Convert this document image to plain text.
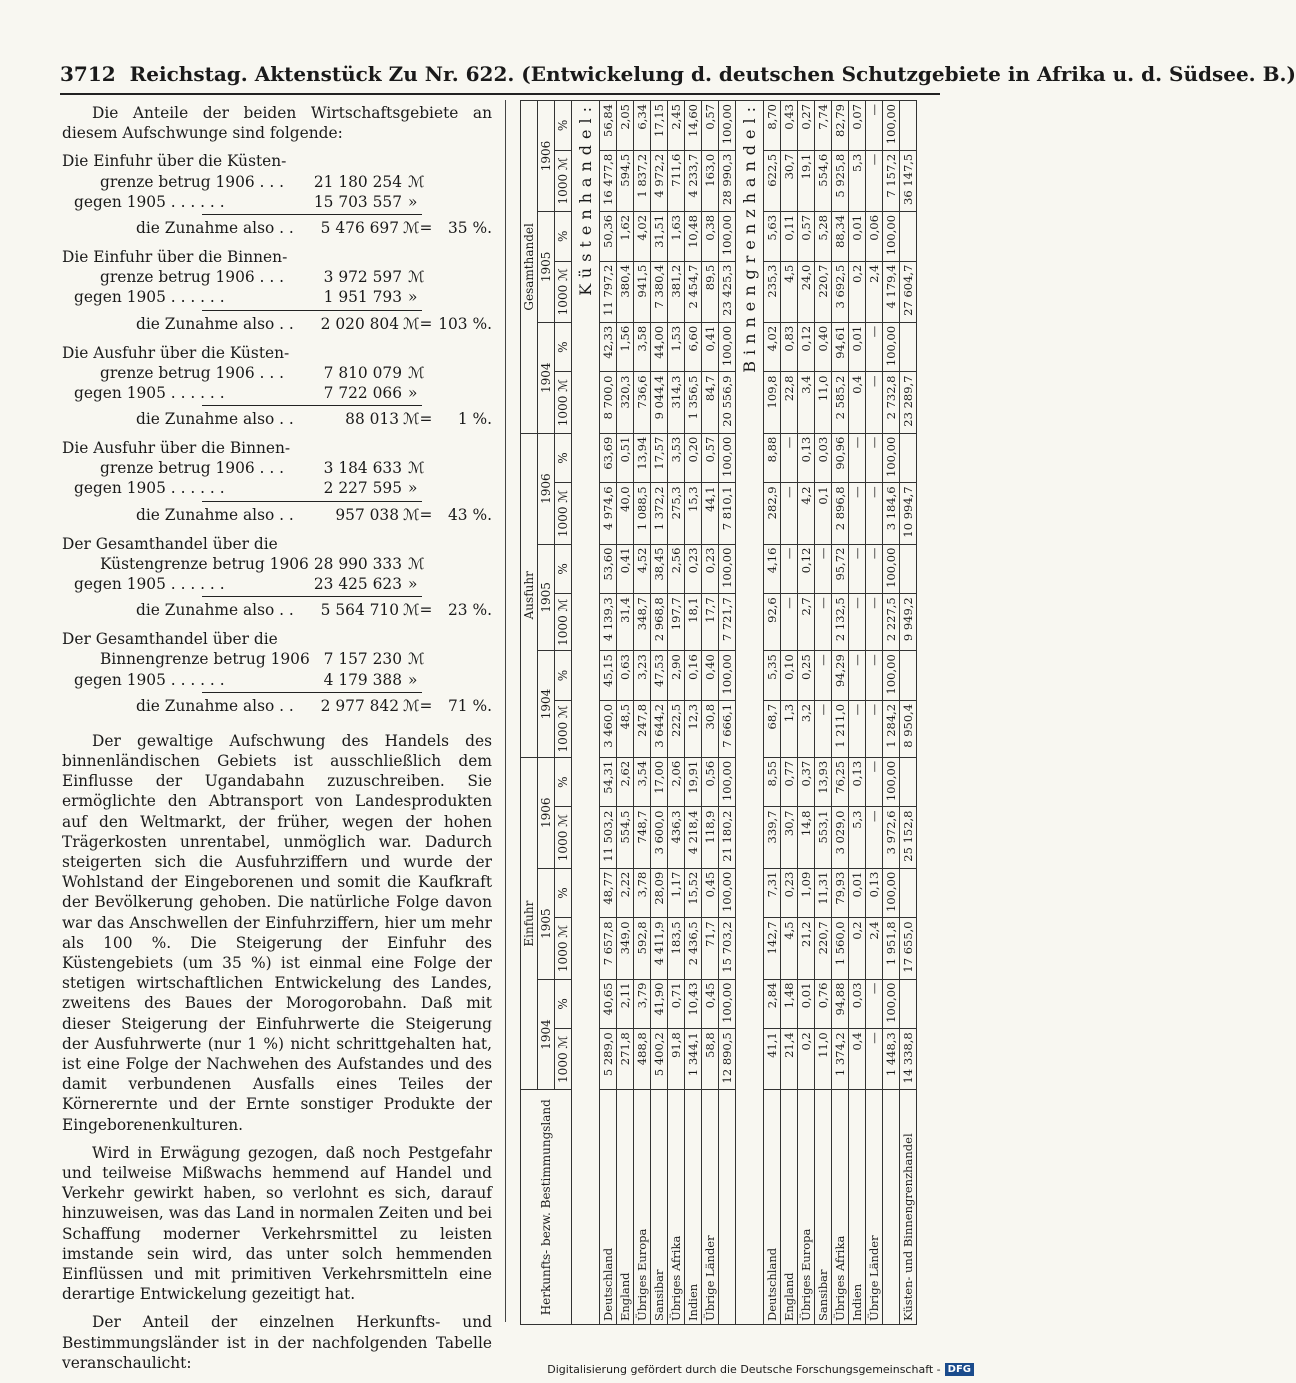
3712 Reichstag. Aktenstück Zu Nr. 622. (Entwickelung d. deutschen Schutzgebiete in Afrika u. d. Südsee. B.)

Die Anteile der beiden Wirtschaftsgebiete an diesem Aufschwunge sind folgende:

Die Einfuhr über die Küsten-
grenze betrug 1906 . . .	21 180 254 ℳ
gegen 1905 . . . . . .	15 703 557 »
die Zunahme also . .	5 476 697 ℳ=	35 %.
Die Einfuhr über die Binnen-
grenze betrug 1906 . . .	3 972 597 ℳ
gegen 1905 . . . . . .	1 951 793 »
die Zunahme also . .	2 020 804 ℳ= 103 %.
Die Ausfuhr über die Küsten-
grenze betrug 1906 . . .	7 810 079 ℳ
gegen 1905 . . . . . .	7 722 066 »
die Zunahme also . .	88 013 ℳ=	1 %.
Die Ausfuhr über die Binnen-
grenze betrug 1906 . . .	3 184 633 ℳ
gegen 1905 . . . . . .	2 227 595 »
die Zunahme also . .	957 038 ℳ=	43 %.
Der Gesamthandel über die
Küstengrenze betrug 1906 28 990 333 ℳ
gegen 1905 . . . . . .	23 425 623 »
die Zunahme also . .	5 564 710 ℳ=	23 %.
Der Gesamthandel über die
Binnengrenze betrug 1906 7 157 230 ℳ
gegen 1905 . . . . . .	4 179 388 »
die Zunahme also . .	2 977 842 ℳ=	71 %.

Der gewaltige Aufschwung des Handels des binnenländischen Gebiets ist ausschließlich dem Einflusse der Ugandabahn zuzuschreiben. Sie ermöglichte den Abtransport von Landesprodukten auf den Weltmarkt, der früher, wegen der hohen Trägerkosten unrentabel, unmöglich war. Dadurch steigerten sich die Ausfuhrziffern und wurde der Wohlstand der Eingeborenen und somit die Kaufkraft der Bevölkerung gehoben. Die natürliche Folge davon war das Anschwellen der Einfuhrziffern, hier um mehr als 100 %. Die Steigerung der Einfuhr des Küstengebiets (um 35 %) ist einmal eine Folge der stetigen wirtschaftlichen Entwickelung des Landes, zweitens des Baues der Morogorobahn. Daß mit dieser Steigerung der Einfuhrwerte die Steigerung der Ausfuhrwerte (nur 1 %) nicht schrittgehalten hat, ist eine Folge der Nachwehen des Aufstandes und des damit verbundenen Ausfalls eines Teiles der Körnerernte und der Ernte sonstiger Produkte der Eingeborenenkulturen.

Wird in Erwägung gezogen, daß noch Pestgefahr und teilweise Mißwachs hemmend auf Handel und Verkehr gewirkt haben, so verlohnt es sich, darauf hinzuweisen, was das Land in normalen Zeiten und bei Schaffung moderner Verkehrsmittel zu leisten imstande sein wird, das unter solch hemmenden Einflüssen und mit primitiven Verkehrsmitteln eine derartige Entwickelung gezeitigt hat.

Der Anteil der einzelnen Herkunfts- und Bestimmungsländer ist in der nachfolgenden Tabelle veranschaulicht:

Herkunfts- bezw. Bestimmungsland	Einfuhr						Ausfuhr						Gesamthandel					
	1904		1905		1906		1904		1905		1906		1904		1905		1906	
	1000 ℳ	%	1000 ℳ	%	1000 ℳ	%	1000 ℳ	%	1000 ℳ	%	1000 ℳ	%	1000 ℳ	%	1000 ℳ	%	1000 ℳ	%
Küstenhandel:																		
Deutschland	5 289,0	40,65	7 657,8	48,77	11 503,2	54,31	3 460,0	45,15	4 139,3	53,60	4 974,6	63,69	8 700,0	42,33	11 797,2	50,36	16 477,8	56,84
England	271,8	2,11	349,0	2,22	554,5	2,62	48,5	0,63	31,4	0,41	40,0	0,51	320,3	1,56	380,4	1,62	594,5	2,05
Übriges Europa	488,8	3,79	592,8	3,78	748,7	3,54	247,8	3,23	348,7	4,52	1 088,5	13,94	736,6	3,58	941,5	4,02	1 837,2	6,34
Sansibar	5 400,2	41,90	4 411,9	28,09	3 600,0	17,00	3 644,2	47,53	2 968,8	38,45	1 372,2	17,57	9 044,4	44,00	7 380,4	31,51	4 972,2	17,15
Übriges Afrika	91,8	0,71	183,5	1,17	436,3	2,06	222,5	2,90	197,7	2,56	275,3	3,53	314,3	1,53	381,2	1,63	711,6	2,45
Indien	1 344,1	10,43	2 436,5	15,52	4 218,4	19,91	12,3	0,16	18,1	0,23	15,3	0,20	1 356,5	6,60	2 454,7	10,48	4 233,7	14,60
Übrige Länder	58,8	0,45	71,7	0,45	118,9	0,56	30,8	0,40	17,7	0,23	44,1	0,57	84,7	0,41	89,5	0,38	163,0	0,57
	12 890,5	100,00	15 703,2	100,00	21 180,2	100,00	7 666,1	100,00	7 721,7	100,00	7 810,1	100,00	20 556,9	100,00	23 425,3	100,00	28 990,3	100,00
Binnengrenzhandel:																		
Deutschland	41,1	2,84	142,7	7,31	339,7	8,55	68,7	5,35	92,6	4,16	282,9	8,88	109,8	4,02	235,3	5,63	622,5	8,70
England	21,4	1,48	4,5	0,23	30,7	0,77	1,3	0,10	—	—	—	—	22,8	0,83	4,5	0,11	30,7	0,43
Übriges Europa	0,2	0,01	21,2	1,09	14,8	0,37	3,2	0,25	2,7	0,12	4,2	0,13	3,4	0,12	24,0	0,57	19,1	0,27
Sansibar	11,0	0,76	220,7	11,31	553,1	13,93	—	—	—	—	0,1	0,03	11,0	0,40	220,7	5,28	554,6	7,74
Übriges Afrika	1 374,2	94,88	1 560,0	79,93	3 029,0	76,25	1 211,0	94,29	2 132,5	95,72	2 896,8	90,96	2 585,2	94,61	3 692,5	88,34	5 925,8	82,79
Indien	0,4	0,03	0,2	0,01	5,3	0,13	—	—	—	—	—	—	0,4	0,01	0,2	0,01	5,3	0,07
Übrige Länder	—	—	2,4	0,13	—	—	—	—	—	—	—	—	—	—	2,4	0,06	—	—
	1 448,3	100,00	1 951,8	100,00	3 972,6	100,00	1 284,2	100,00	2 227,5	100,00	3 184,6	100,00	2 732,8	100,00	4 179,4	100,00	7 157,2	100,00
Küsten- und Binnengrenzhandel	14 338,8		17 655,0		25 152,8		8 950,4		9 949,2		10 994,7		23 289,7		27 604,7		36 147,5	
Digitalisierung gefördert durch die Deutsche Forschungsgemeinschaft - DFG
